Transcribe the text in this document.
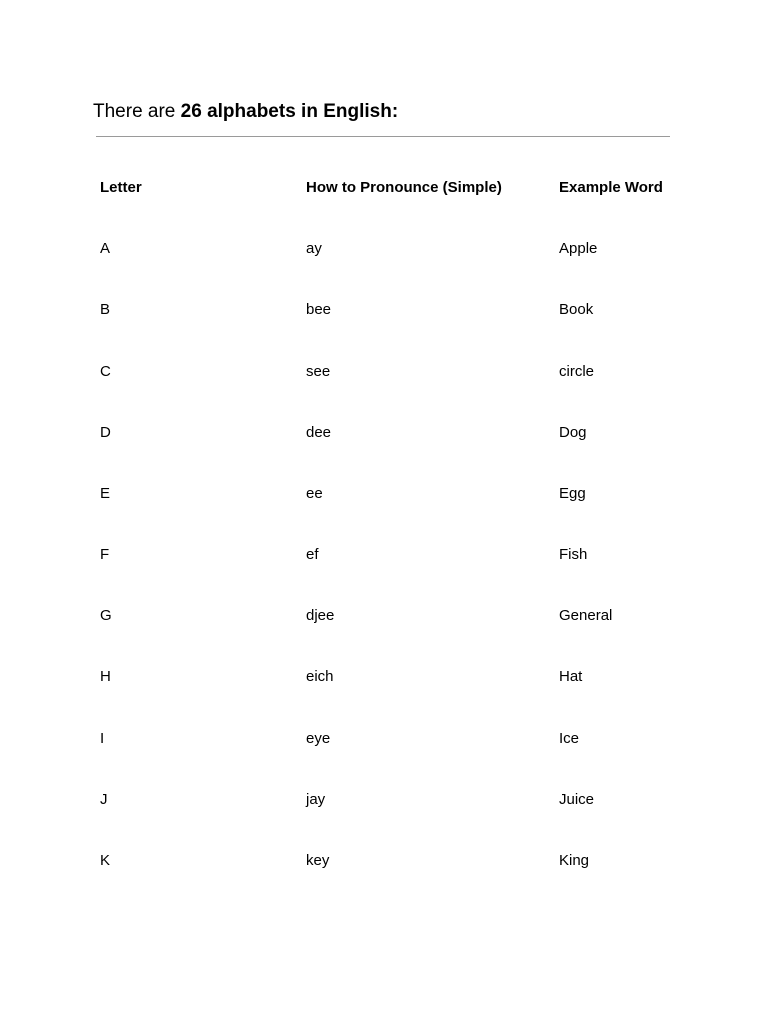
There are 26 alphabets in English:
Letter	How to Pronounce (Simple)	Example Word
A	ay	Apple
B	bee	Book
C	see	circle
D	dee	Dog
E	ee	Egg
F	ef	Fish
G	djee	General
H	eich	Hat
I	eye	Ice
J	jay	Juice
K	key	King
